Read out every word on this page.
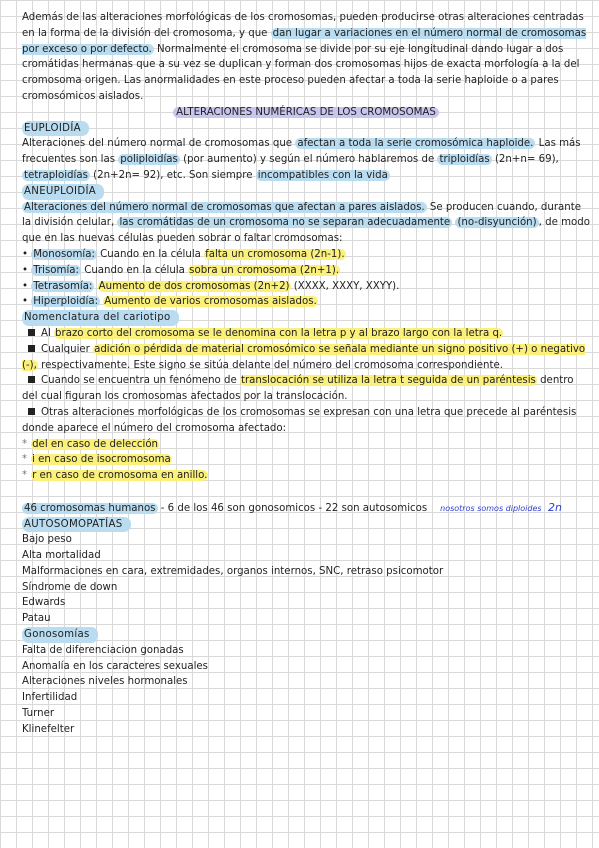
Además de las alteraciones morfológicas de los cromosomas, pueden producirse otras alteraciones centradas en la forma de la división del cromosoma, y que dan lugar a variaciones en el número normal de cromosomas por exceso o por defecto. Normalmente el cromosoma se divide por su eje longitudinal dando lugar a dos cromátidas hermanas que a su vez se duplican y forman dos cromosomas hijos de exacta morfología a la del cromosoma origen. Las anormalidades en este proceso pueden afectar a toda la serie haploide o a pares cromosómicos aislados.

ALTERACIONES NUMÉRICAS DE LOS CROMOSOMAS

EUPLOIDÍA

Alteraciones del número normal de cromosomas que afectan a toda la serie cromosómica haploide. Las más frecuentes son las poliploidías (por aumento) y según el número hablaremos de triploidías (2n+n= 69), tetraploidías (2n+2n= 92), etc. Son siempre incompatibles con la vida

ANEUPLOIDÍA

Alteraciones del número normal de cromosomas que afectan a pares aislados. Se producen cuando, durante la división celular, las cromátidas de un cromosoma no se separan adecuadamente (no-disyunción) , de modo que en las nuevas células pueden sobrar o faltar cromosomas:

• Monosomía: Cuando en la célula falta un cromosoma (2n-1).

• Trisomía: Cuando en la célula sobra un cromosoma (2n+1).

• Tetrasomía: Aumento de dos cromosomas (2n+2) (XXXX, XXXY, XXYY).

• Hiperploidía: Aumento de varios cromosomas aislados.

Nomenclatura del cariotipo

Al brazo corto del cromosoma se le denomina con la letra p y al brazo largo con la letra q.

Cualquier adición o pérdida de material cromosómico se señala mediante un signo positivo (+) o negativo (-), respectivamente. Este signo se sitúa delante del número del cromosoma correspondiente.

Cuando se encuentra un fenómeno de translocación se utiliza la letra t seguida de un paréntesis dentro del cual figuran los cromosomas afectados por la translocación.

Otras alteraciones morfológicas de los cromosomas se expresan con una letra que precede al paréntesis donde aparece el número del cromosoma afectado:

* del en caso de delección

* i en caso de isocromosoma

* r en caso de cromosoma en anillo.

46 cromosomas humanos - 6 de los 46 son gonosomicos - 22 son autosomicos nosotros somos diploides 2n

AUTOSOMOPATÍAS

Bajo peso

Alta mortalidad

Malformaciones en cara, extremidades, organos internos, SNC, retraso psicomotor

Síndrome de down

Edwards

Patau

Gonosomías

Falta de diferenciacion gonadas

Anomalía en los caracteres sexuales

Alteraciones niveles hormonales

Infertilidad

Turner

Klinefelter
